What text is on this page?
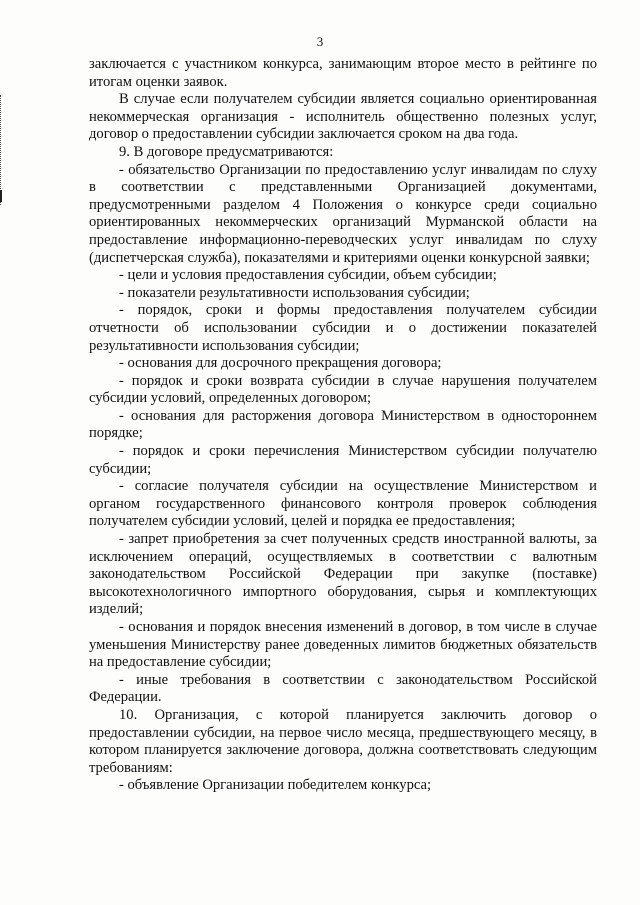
3

заключается с участником конкурса, занимающим второе место в рейтинге по итогам оценки заявок.

В случае если получателем субсидии является социально ориентированная некоммерческая организация - исполнитель общественно полезных услуг, договор о предоставлении субсидии заключается сроком на два года.

9. В договоре предусматриваются:

- обязательство Организации по предоставлению услуг инвалидам по слуху в соответствии с представленными Организацией документами, предусмотренными разделом 4 Положения о конкурсе среди социально ориентированных некоммерческих организаций Мурманской области на предоставление информационно-переводческих услуг инвалидам по слуху (диспетчерская служба), показателями и критериями оценки конкурсной заявки;

- цели и условия предоставления субсидии, объем субсидии;

- показатели результативности использования субсидии;

- порядок, сроки и формы предоставления получателем субсидии отчетности об использовании субсидии и о достижении показателей результативности использования субсидии;

- основания для досрочного прекращения договора;

- порядок и сроки возврата субсидии в случае нарушения получателем субсидии условий, определенных договором;

- основания для расторжения договора Министерством в одностороннем порядке;

- порядок и сроки перечисления Министерством субсидии получателю субсидии;

- согласие получателя субсидии на осуществление Министерством и органом государственного финансового контроля проверок соблюдения получателем субсидии условий, целей и порядка ее предоставления;

- запрет приобретения за счет полученных средств иностранной валюты, за исключением операций, осуществляемых в соответствии с валютным законодательством Российской Федерации при закупке (поставке) высокотехнологичного импортного оборудования, сырья и комплектующих изделий;

- основания и порядок внесения изменений в договор, в том числе в случае уменьшения Министерству ранее доведенных лимитов бюджетных обязательств на предоставление субсидии;

- иные требования в соответствии с законодательством Российской Федерации.

10. Организация, с которой планируется заключить договор о предоставлении субсидии, на первое число месяца, предшествующего месяцу, в котором планируется заключение договора, должна соответствовать следующим требованиям:

- объявление Организации победителем конкурса;
